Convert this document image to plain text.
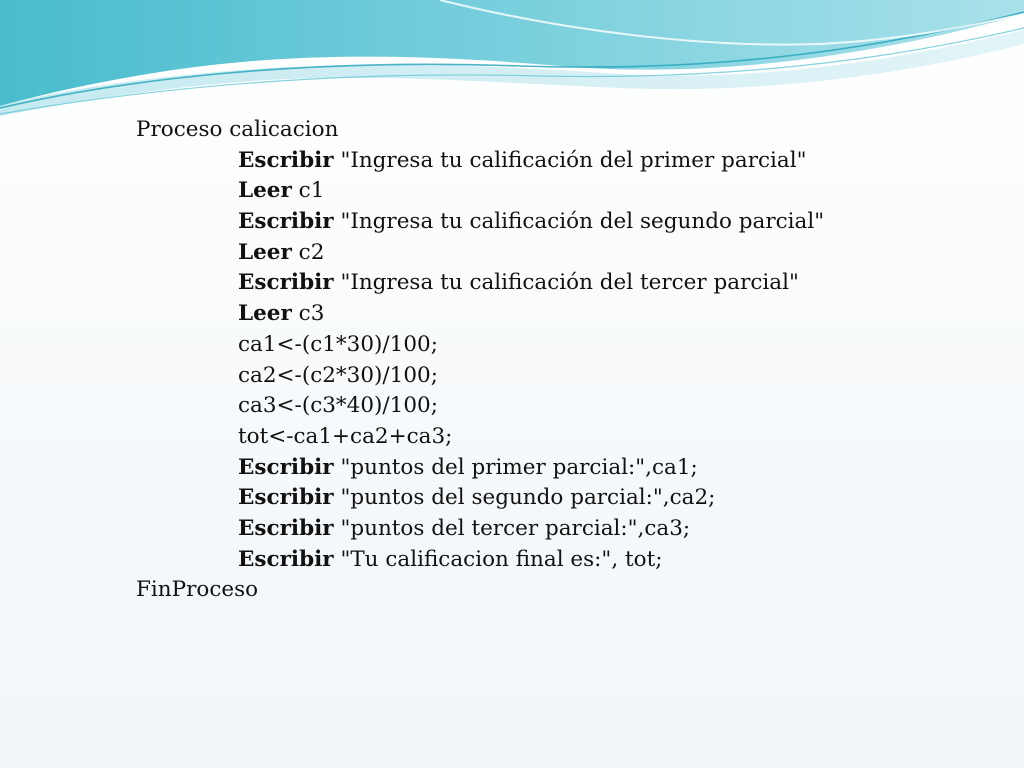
Proceso calicacion
Escribir "Ingresa tu calificación del primer parcial"
Leer c1
Escribir "Ingresa tu calificación del segundo parcial"
Leer c2
Escribir "Ingresa tu calificación del tercer parcial"
Leer c3
ca1<-(c1*30)/100;
ca2<-(c2*30)/100;
ca3<-(c3*40)/100;
tot<-ca1+ca2+ca3;
Escribir "puntos del primer parcial:",ca1;
Escribir "puntos del segundo parcial:",ca2;
Escribir "puntos del tercer parcial:",ca3;
Escribir "Tu calificacion final es:", tot;
FinProceso
